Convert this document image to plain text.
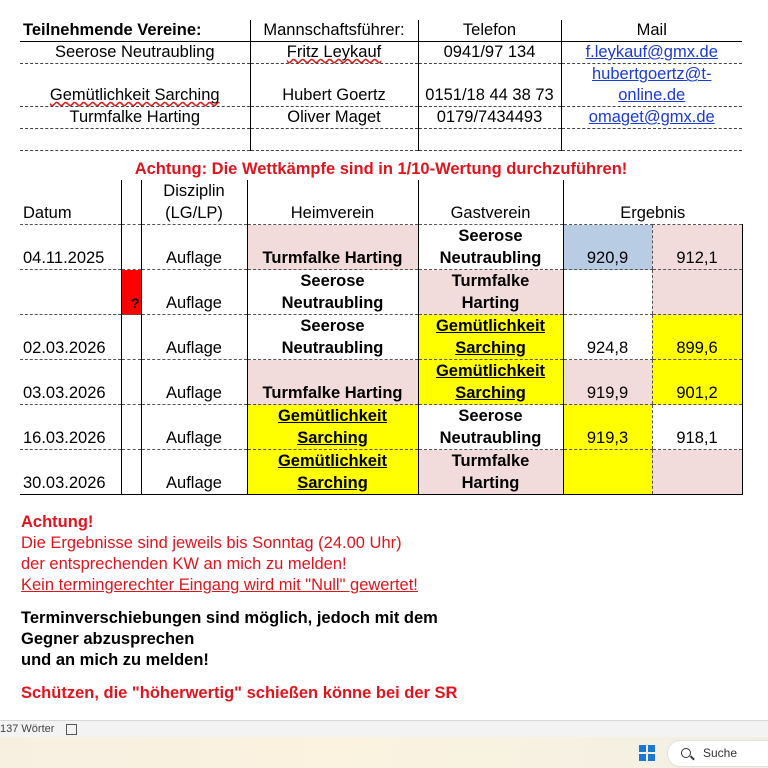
Teilnehmende Vereine:	Mannschaftsführer:	Telefon	Mail
Seerose Neutraubling	Fritz Leykauf	0941/97 134	f.leykauf@gmx.de
Gemütlichkeit Sarching	Hubert Goertz	0151/18 44 38 73	hubertgoertz@t-online.de
Turmfalke Harting	Oliver Maget	0179/7434493	omaget@gmx.de

Achtung: Die Wettkämpfe sind in 1/10-Wertung durchzuführen!
Datum		Disziplin (LG/LP)	Heimverein	Gastverein	Ergebnis	
04.11.2025		Auflage	Turmfalke Harting	Seerose Neutraubling	920,9	912,1
	?	Auflage	Seerose Neutraubling	Turmfalke Harting		
02.03.2026		Auflage	Seerose Neutraubling	Gemütlichkeit Sarching	924,8	899,6
03.03.2026		Auflage	Turmfalke Harting	Gemütlichkeit Sarching	919,9	901,2
16.03.2026		Auflage	Gemütlichkeit Sarching	Seerose Neutraubling	919,3	918,1
30.03.2026		Auflage	Gemütlichkeit Sarching	Turmfalke Harting		

Achtung!

Die Ergebnisse sind jeweils bis Sonntag (24.00 Uhr)

der entsprechenden KW an mich zu melden!

Kein termingerechter Eingang wird mit "Null" gewertet!

Terminverschiebungen sind möglich, jedoch mit dem

Gegner abzusprechen

und an mich zu melden!

Schützen, die "höherwertig" schießen könne bei der SR

137 Wörter
Suche
